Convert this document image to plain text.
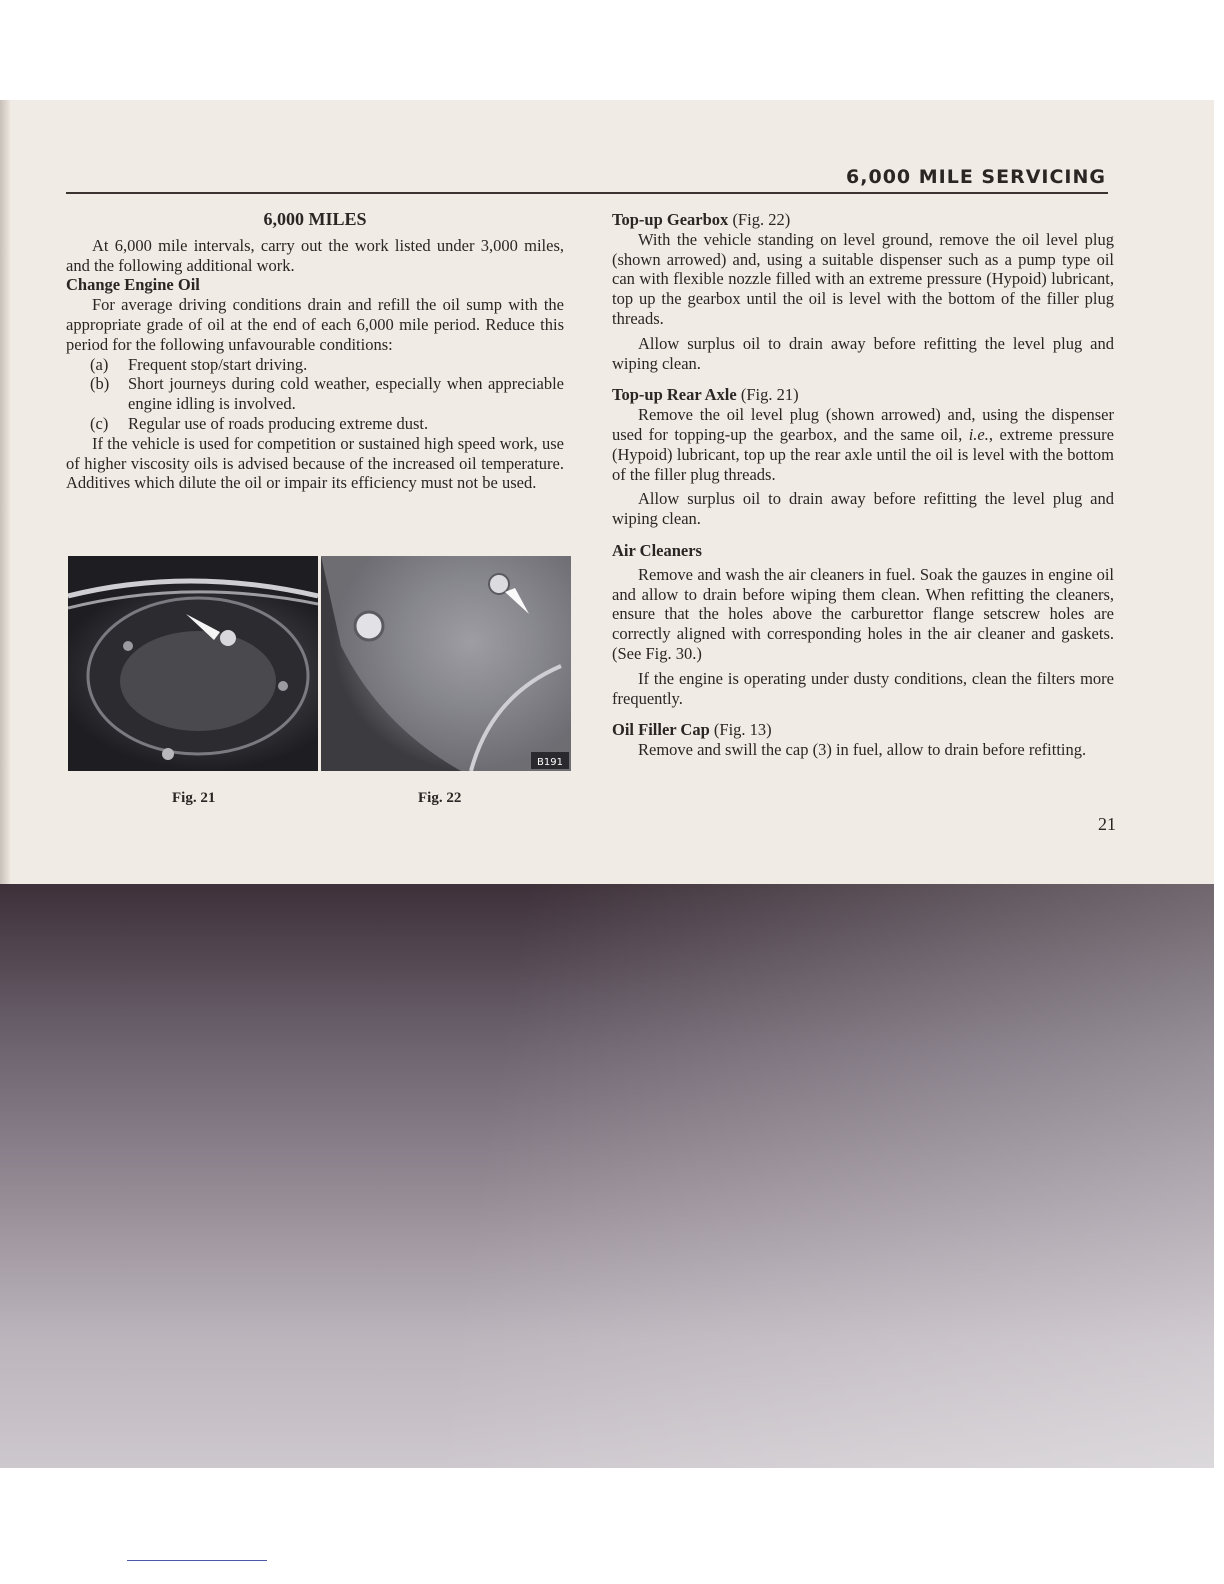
6,000 MILE SERVICING

6,000 MILES

At 6,000 mile intervals, carry out the work listed under 3,000 miles, and the following additional work.

Change Engine Oil

For average driving conditions drain and refill the oil sump with the appropriate grade of oil at the end of each 6,000 mile period. Reduce this period for the following unfavourable conditions:

(a)	Frequent stop/start driving.
(b)	Short journeys during cold weather, especially when appreciable engine idling is involved.
(c)	Regular use of roads producing extreme dust.

If the vehicle is used for competition or sustained high speed work, use of higher viscosity oils is advised because of the increased oil temperature. Additives which dilute the oil or impair its efficiency must not be used.

B191
Fig. 21	Fig. 22

Top-up Gearbox (Fig. 22)

With the vehicle standing on level ground, remove the oil level plug (shown arrowed) and, using a suitable dispenser such as a pump type oil can with flexible nozzle filled with an extreme pressure (Hypoid) lubricant, top up the gearbox until the oil is level with the bottom of the filler plug threads.

Allow surplus oil to drain away before refitting the level plug and wiping clean.

Top-up Rear Axle (Fig. 21)

Remove the oil level plug (shown arrowed) and, using the dispenser used for topping-up the gearbox, and the same oil, i.e., extreme pressure (Hypoid) lubricant, top up the rear axle until the oil is level with the bottom of the filler plug threads.

Allow surplus oil to drain away before refitting the level plug and wiping clean.

Air Cleaners

Remove and wash the air cleaners in fuel. Soak the gauzes in engine oil and allow to drain before wiping them clean. When refitting the cleaners, ensure that the holes above the carburettor flange setscrew holes are correctly aligned with corresponding holes in the air cleaner and gaskets. (See Fig. 30.)

If the engine is operating under dusty conditions, clean the filters more frequently.

Oil Filler Cap (Fig. 13)

Remove and swill the cap (3) in fuel, allow to drain before refitting.

21
